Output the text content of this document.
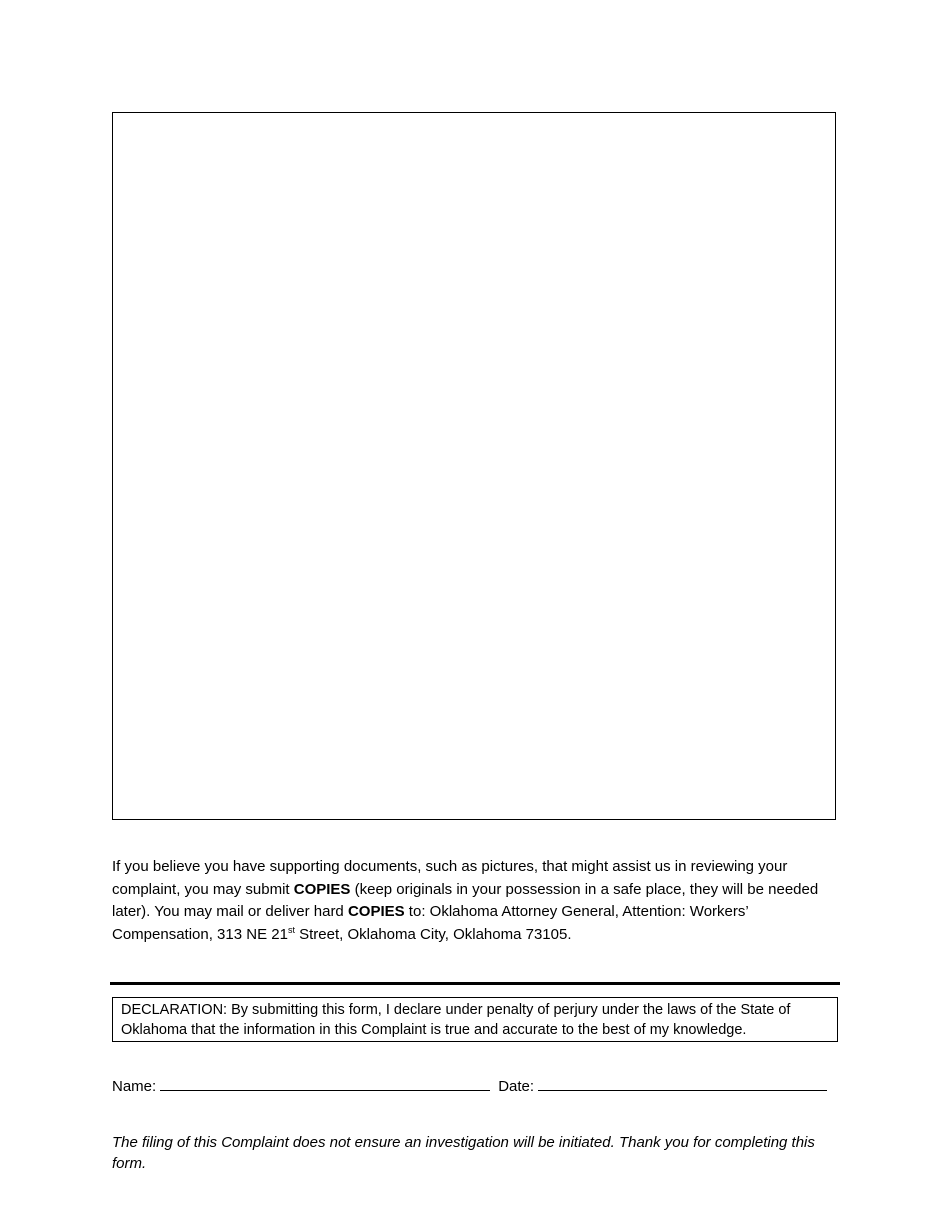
If you believe you have supporting documents, such as pictures, that might assist us in reviewing your complaint, you may submit COPIES (keep originals in your possession in a safe place, they will be needed later). You may mail or deliver hard COPIES to: Oklahoma Attorney General, Attention: Workers’ Compensation, 313 NE 21st Street, Oklahoma City, Oklahoma 73105.

DECLARATION: By submitting this form, I declare under penalty of perjury under the laws of the State of Oklahoma that the information in this Complaint is true and accurate to the best of my knowledge.
Name:	Date:

The filing of this Complaint does not ensure an investigation will be initiated. Thank you for completing this form.
